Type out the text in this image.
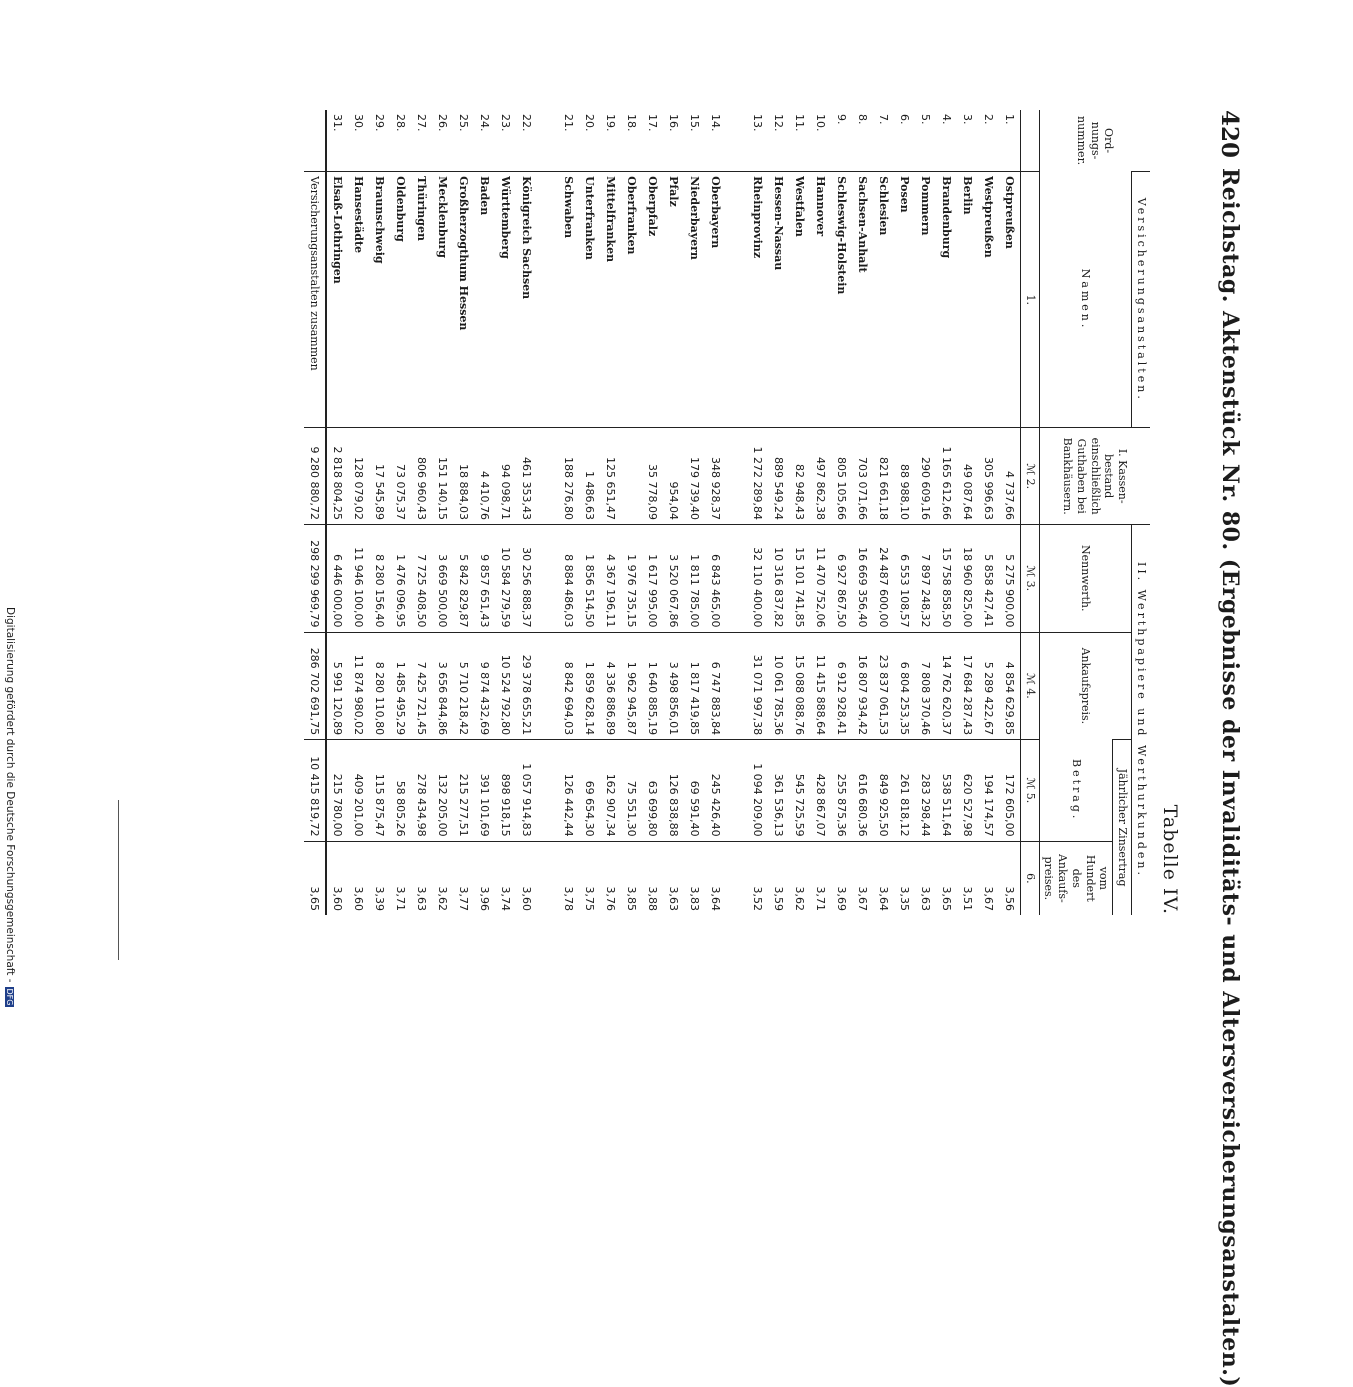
420
Reichstag. Aktenstück Nr. 80. (Ergebnisse der Invaliditäts- und Altersversicherungsanstalten.)
Tabelle IV.
Ord-nungs-nummer.	Versicherungsanstalten.	I. Kassen-bestand einschließlich Guthaben bei Bankhäusern.	II. Werthpapiere und Werthurkunden.			
	Namen.		Nennwerth.	Ankaufspreis.	Jährlicher Zinsertrag	
					Betrag.	vom Hundert des Ankaufs-preises.
	1.	ℳ 2.	ℳ 3.	ℳ 4.	ℳ 5.	6.
1.	Ostpreußen	4 737,66	5 275 900,00	4 854 629,85	172 605,00	3,56
2.	Westpreußen	305 996,63	5 858 427,41	5 289 422,67	194 174,57	3,67
3.	Berlin	49 087,64	18 960 825,00	17 684 287,43	620 527,98	3,51
4.	Brandenburg	1 165 612,66	15 758 858,50	14 762 620,37	538 511,64	3,65
5.	Pommern	290 609,16	7 897 248,32	7 808 370,46	283 298,44	3,63
6.	Posen	88 988,10	6 553 108,57	6 804 253,35	261 818,12	3,35
7.	Schlesien	821 661,18	24 487 600,00	23 837 061,53	849 925,50	3,64
8.	Sachsen-Anhalt	703 071,66	16 669 356,40	16 807 934,42	616 680,36	3,67
9.	Schleswig-Holstein	805 105,66	6 927 867,50	6 912 928,41	255 875,36	3,69
10.	Hannover	497 862,38	11 470 752,06	11 415 888,64	428 867,07	3,71
11.	Westfalen	82 948,43	15 101 741,85	15 088 088,76	545 725,59	3,62
12.	Hessen-Nassau	889 549,24	10 316 837,82	10 061 785,36	361 536,13	3,59
13.	Rheinprovinz	1 272 289,84	32 110 400,00	31 071 997,38	1 094 209,00	3,52

14.	Oberbayern	348 928,37	6 843 465,00	6 747 883,84	245 426,40	3,64
15.	Niederbayern	179 739,40	1 811 785,00	1 817 419,85	69 591,40	3,83
16.	Pfalz	954,04	3 520 067,86	3 498 856,01	126 838,88	3,63
17.	Oberpfalz	35 778,09	1 617 995,00	1 640 885,19	63 699,80	3,88
18.	Oberfranken		1 976 735,15	1 962 945,87	75 551,30	3,85
19.	Mittelfranken	125 651,47	4 367 196,11	4 336 886,89	162 907,34	3,76
20.	Unterfranken	1 486,63	1 856 514,50	1 859 628,14	69 654,30	3,75
21.	Schwaben	188 276,80	8 884 486,03	8 842 694,03	126 442,44	3,78

22.	Königreich Sachsen	461 353,43	30 256 888,37	29 378 655,21	1 057 914,83	3,60
23.	Württemberg	94 098,71	10 584 279,59	10 524 792,80	898 918,15	3,74
24.	Baden	4 410,76	9 857 651,43	9 874 432,69	391 101,69	3,96
25.	Großherzogthum Hessen	18 884,03	5 842 829,87	5 710 218,42	215 277,51	3,77
26.	Mecklenburg	151 140,15	3 669 500,00	3 656 844,86	132 205,00	3,62
27.	Thüringen	806 960,43	7 725 408,50	7 425 721,45	278 434,98	3,63
28.	Oldenburg	73 075,37	1 476 096,95	1 485 495,29	58 805,26	3,71
29.	Braunschweig	17 545,89	8 280 156,40	8 280 110,80	115 875,47	3,39
30.	Hansestädte	128 079,02	11 946 100,00	11 874 980,02	409 201,00	3,60
31.	Elsaß-Lothringen	2 818 804,25	6 446 000,00	5 991 120,89	215 780,00	3,60
	Versicherungsanstalten zusammen	9 280 880,72	298 299 969,79	286 702 691,75	10 415 819,72	3,65
Digitalisierung gefördert durch die Deutsche Forschungsgemeinschaft -DFG
